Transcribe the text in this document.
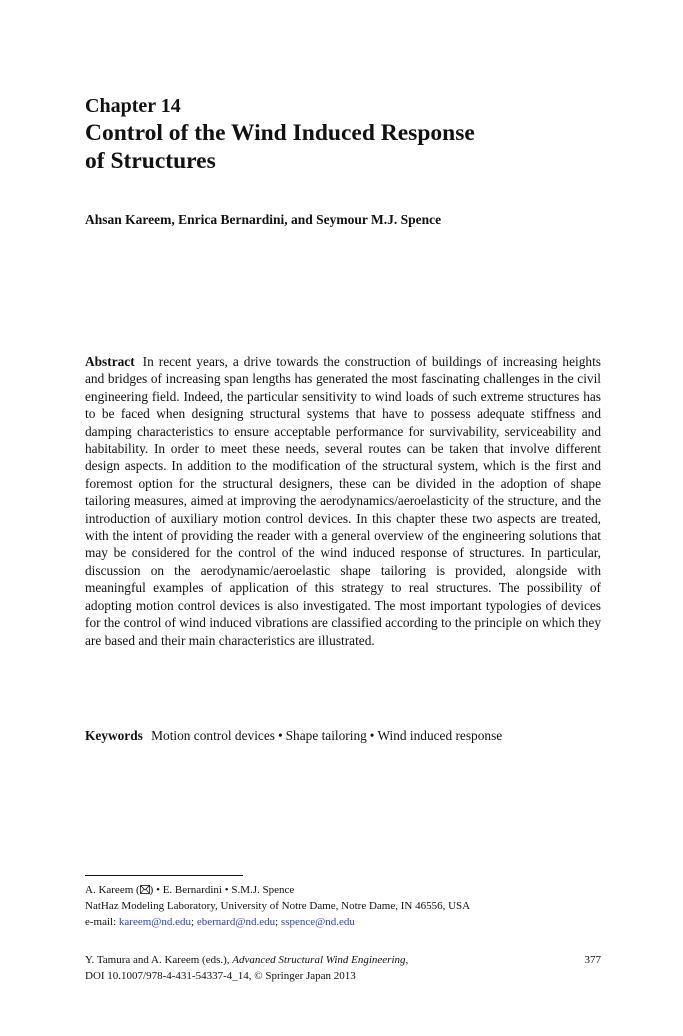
Chapter 14
Control of the Wind Induced Response
of Structures
Ahsan Kareem, Enrica Bernardini, and Seymour M.J. Spence
Abstract In recent years, a drive towards the construction of buildings of increasing heights and bridges of increasing span lengths has generated the most fascinating challenges in the civil engineering field. Indeed, the particular sensitivity to wind loads of such extreme structures has to be faced when designing structural systems that have to possess adequate stiffness and damping characteristics to ensure acceptable performance for survivability, serviceability and habitability. In order to meet these needs, several routes can be taken that involve different design aspects. In addition to the modification of the structural system, which is the first and foremost option for the structural designers, these can be divided in the adoption of shape tailoring measures, aimed at improving the aerodynamics/aeroelasticity of the structure, and the introduction of auxiliary motion control devices. In this chapter these two aspects are treated, with the intent of providing the reader with a general overview of the engineering solutions that may be considered for the control of the wind induced response of structures. In particular, discussion on the aerodynamic/aeroelastic shape tailoring is provided, alongside with meaningful examples of application of this strategy to real structures. The possibility of adopting motion control devices is also investigated. The most important typologies of devices for the control of wind induced vibrations are classified according to the principle on which they are based and their main characteristics are illustrated.
Keywords Motion control devices • Shape tailoring • Wind induced response
A. Kareem ( ) • E. Bernardini • S.M.J. Spence
NatHaz Modeling Laboratory, University of Notre Dame, Notre Dame, IN 46556, USA
e-mail: kareem@nd.edu; ebernard@nd.edu; sspence@nd.edu
Y. Tamura and A. Kareem (eds.), Advanced Structural Wind Engineering,
DOI 10.1007/978-4-431-54337-4_14, © Springer Japan 2013
377
